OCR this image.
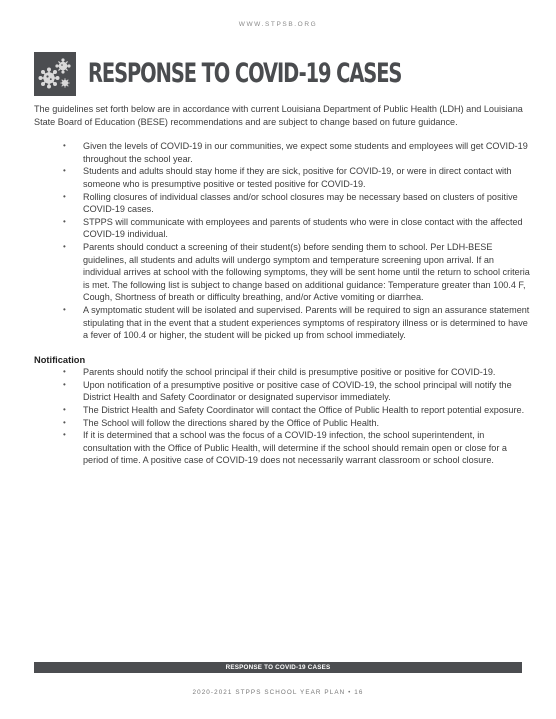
WWW.STPSB.ORG
RESPONSE TO COVID-19 CASES

The guidelines set forth below are in accordance with current Louisiana Department of Public Health (LDH) and Louisiana State Board of Education (BESE) recommendations and are subject to change based on future guidance.

• Given the levels of COVID-19 in our communities, we expect some students and employees will get COVID-19 throughout the school year.
• Students and adults should stay home if they are sick, positive for COVID-19, or were in direct contact with someone who is presumptive positive or tested positive for COVID-19.
• Rolling closures of individual classes and/or school closures may be necessary based on clusters of positive COVID-19 cases.
• STPPS will communicate with employees and parents of students who were in close contact with the affected COVID-19 individual.
• Parents should conduct a screening of their student(s) before sending them to school. Per LDH-BESE guidelines, all students and adults will undergo symptom and temperature screening upon arrival. If an individual arrives at school with the following symptoms, they will be sent home until the return to school criteria is met. The following list is subject to change based on additional guidance: Temperature greater than 100.4 F, Cough, Shortness of breath or difficulty breathing, and/or Active vomiting or diarrhea.
• A symptomatic student will be isolated and supervised. Parents will be required to sign an assurance statement stipulating that in the event that a student experiences symptoms of respiratory illness or is determined to have a fever of 100.4 or higher, the student will be picked up from school immediately.

Notification

• Parents should notify the school principal if their child is presumptive positive or positive for COVID-19.
• Upon notification of a presumptive positive or positive case of COVID-19, the school principal will notify the District Health and Safety Coordinator or designated supervisor immediately.
• The District Health and Safety Coordinator will contact the Office of Public Health to report potential exposure.
• The School will follow the directions shared by the Office of Public Health.
• If it is determined that a school was the focus of a COVID-19 infection, the school superintendent, in consultation with the Office of Public Health, will determine if the school should remain open or close for a period of time. A positive case of COVID-19 does not necessarily warrant classroom or school closure.
RESPONSE TO COVID-19 CASES
2020-2021 STPPS SCHOOL YEAR PLAN • 16
